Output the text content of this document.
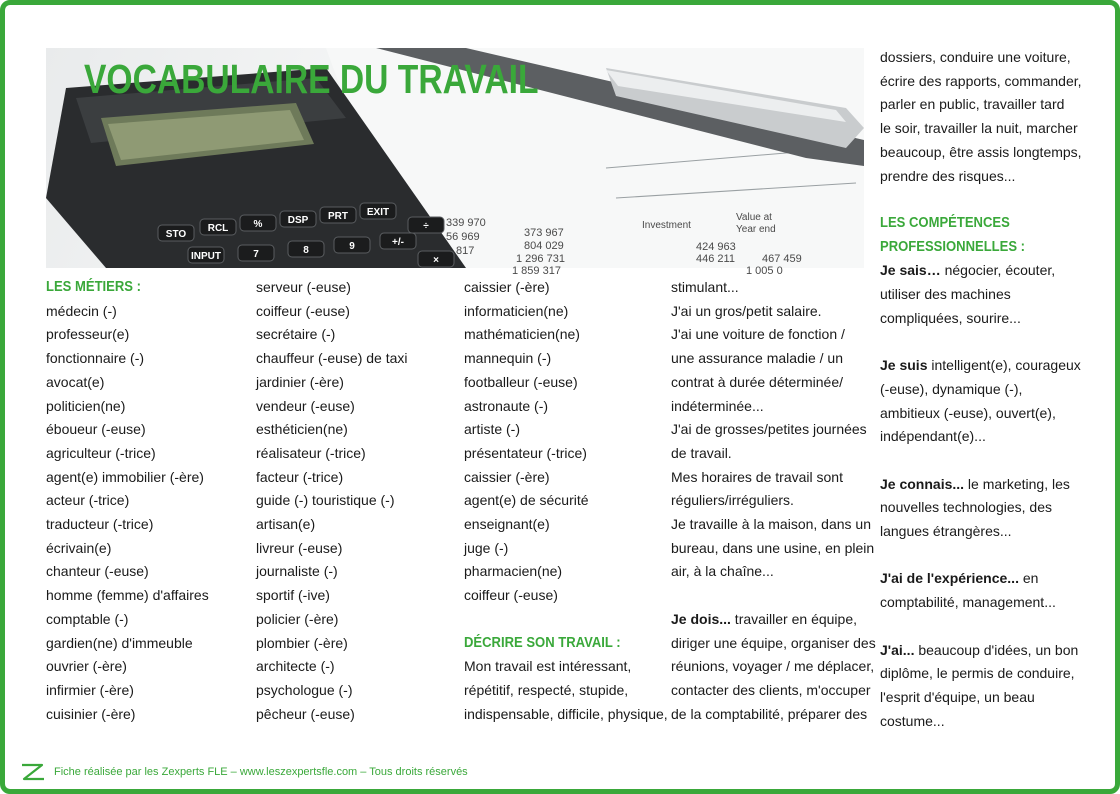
339 970
56 969
817
373 967
804 029
1 296 731
1 859 317
Investment
Value at
Year end
424 963
446 211 467 459
1 005 0
STO
RCL	%	DSP PRT EXIT
INPUT	7	8	9	+/-
÷
×
VOCABULAIRE DU TRAVAIL
LES MÉTIERS :
médecin (-)
professeur(e)
fonctionnaire (-)
avocat(e)
politicien(ne)
éboueur (-euse)
agriculteur (-trice)
agent(e) immobilier (-ère)
acteur (-trice)
traducteur (-trice)
écrivain(e)
chanteur (-euse)
homme (femme) d'affaires
comptable (-)
gardien(ne) d'immeuble
ouvrier (-ère)
infirmier (-ère)
cuisinier (-ère)
serveur (-euse)
coiffeur (-euse)
secrétaire (-)
chauffeur (-euse) de taxi
jardinier (-ère)
vendeur (-euse)
esthéticien(ne)
réalisateur (-trice)
facteur (-trice)
guide (-) touristique (-)
artisan(e)
livreur (-euse)
journaliste (-)
sportif (-ive)
policier (-ère)
plombier (-ère)
architecte (-)
psychologue (-)
pêcheur (-euse)
caissier (-ère)
informaticien(ne)
mathématicien(ne)
mannequin (-)
footballeur (-euse)
astronaute (-)
artiste (-)
présentateur (-trice)
caissier (-ère)
agent(e) de sécurité
enseignant(e)
juge (-)
pharmacien(ne)
coiffeur (-euse)
DÉCRIRE SON TRAVAIL :
Mon travail est intéressant,
répétitif, respecté, stupide,
indispensable, difficile, physique,
stimulant...
J'ai un gros/petit salaire.
J'ai une voiture de fonction /
une assurance maladie / un
contrat à durée déterminée/
indéterminée...
J'ai de grosses/petites journées
de travail.
Mes horaires de travail sont
réguliers/irréguliers.
Je travaille à la maison, dans un
bureau, dans une usine, en plein
air, à la chaîne...
Je dois... travailler en équipe,
diriger une équipe, organiser des
réunions, voyager / me déplacer,
contacter des clients, m'occuper
de la comptabilité, préparer des
dossiers, conduire une voiture,
écrire des rapports, commander,
parler en public, travailler tard
le soir, travailler la nuit, marcher
beaucoup, être assis longtemps,
prendre des risques...
LES COMPÉTENCES
PROFESSIONNELLES :
Je sais… négocier, écouter,
utiliser des machines
compliquées, sourire...
Je suis intelligent(e), courageux
(-euse), dynamique (-),
ambitieux (-euse), ouvert(e),
indépendant(e)...
Je connais... le marketing, les
nouvelles technologies, des
langues étrangères...
J'ai de l'expérience... en
comptabilité, management...
J'ai... beaucoup d'idées, un bon
diplôme, le permis de conduire,
l'esprit d'équipe, un beau
costume...
Fiche réalisée par les Zexperts FLE – www.leszexpertsfle.com – Tous droits réservés
